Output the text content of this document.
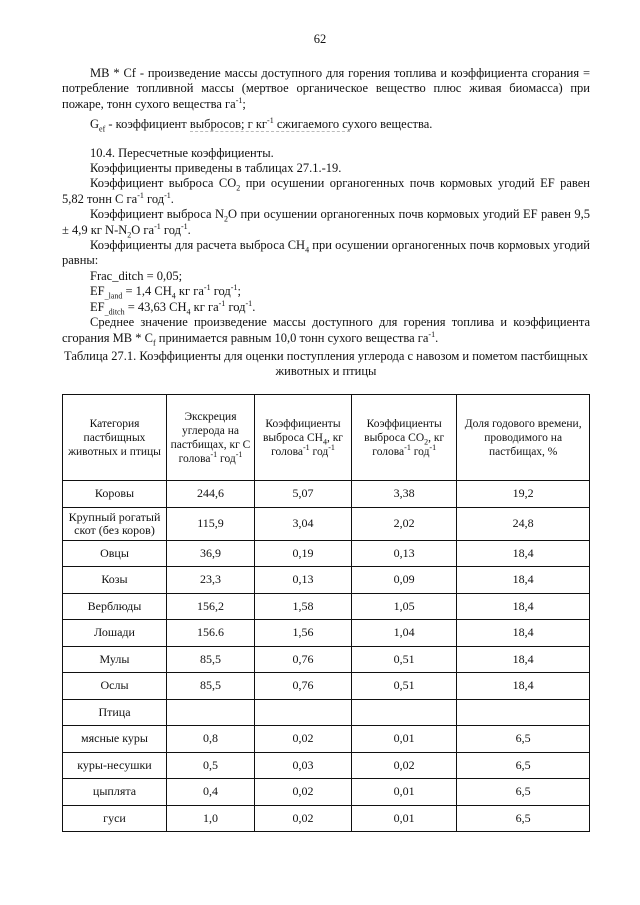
62

MB * Cf - произведение массы доступного для горения топлива и коэффициента сгорания = потребление топливной массы (мертвое органическое вещество плюс живая биомасса) при пожаре, тонн сухого вещества $га^{-1}$;

$G_{ef}$ - коэффициент выбросов; г $кг^{-1}$ сжигаемого сухого вещества.

10.4. Пересчетные коэффициенты.

Коэффициенты приведены в таблицах 27.1.-19.

Коэффициент выброса $CO_2$ при осушении органогенных почв кормовых угодий EF равен 5,82 тонн С $га^{-1}$ год$^{-1}$.

Коэффициент выброса $N_2O$ при осушении органогенных почв кормовых угодий EF равен 9,5 ± 4,9 кг $N-N_2O$ $га^{-1}$ год$^{-1}$.

Коэффициенты для расчета выброса $CH_4$ при осушении органогенных почв кормовых угодий равны:

Frac_ditch = 0,05;

$EF_{\_land} = 1,4$ $CH_4$ кг $га^{-1}$ год$^{-1}$;

$EF_{\_ditch} = 43,63$ $CH_4$ кг $га^{-1}$ год$^{-1}$.

Среднее значение произведение массы доступного для горения топлива и коэффициента сгорания MB * $C_f$ принимается равным 10,0 тонн сухого вещества $га^{-1}$.

Таблица 27.1. Коэффициенты для оценки поступления углерода с навозом и пометом пастбищных животных и птицы
Категория пастбищных животных и птицы	Экскреция углерода на пастбищах, кг С голова$^{-1}$ год$^{-1}$	Коэффициенты выброса $CH_4$, кг голова$^{-1}$ год$^{-1}$	Коэффициенты выброса $CO_2$, кг голова$^{-1}$ год$^{-1}$	Доля годового времени, проводимого на пастбищах, %
Коровы	244,6	5,07	3,38	19,2
Крупный рогатый скот (без коров)	115,9	3,04	2,02	24,8
Овцы	36,9	0,19	0,13	18,4
Козы	23,3	0,13	0,09	18,4
Верблюды	156,2	1,58	1,05	18,4
Лошади	156.6	1,56	1,04	18,4
Мулы	85,5	0,76	0,51	18,4
Ослы	85,5	0,76	0,51	18,4
Птица				
мясные куры	0,8	0,02	0,01	6,5
куры-несушки	0,5	0,03	0,02	6,5
цыплята	0,4	0,02	0,01	6,5
гуси	1,0	0,02	0,01	6,5
